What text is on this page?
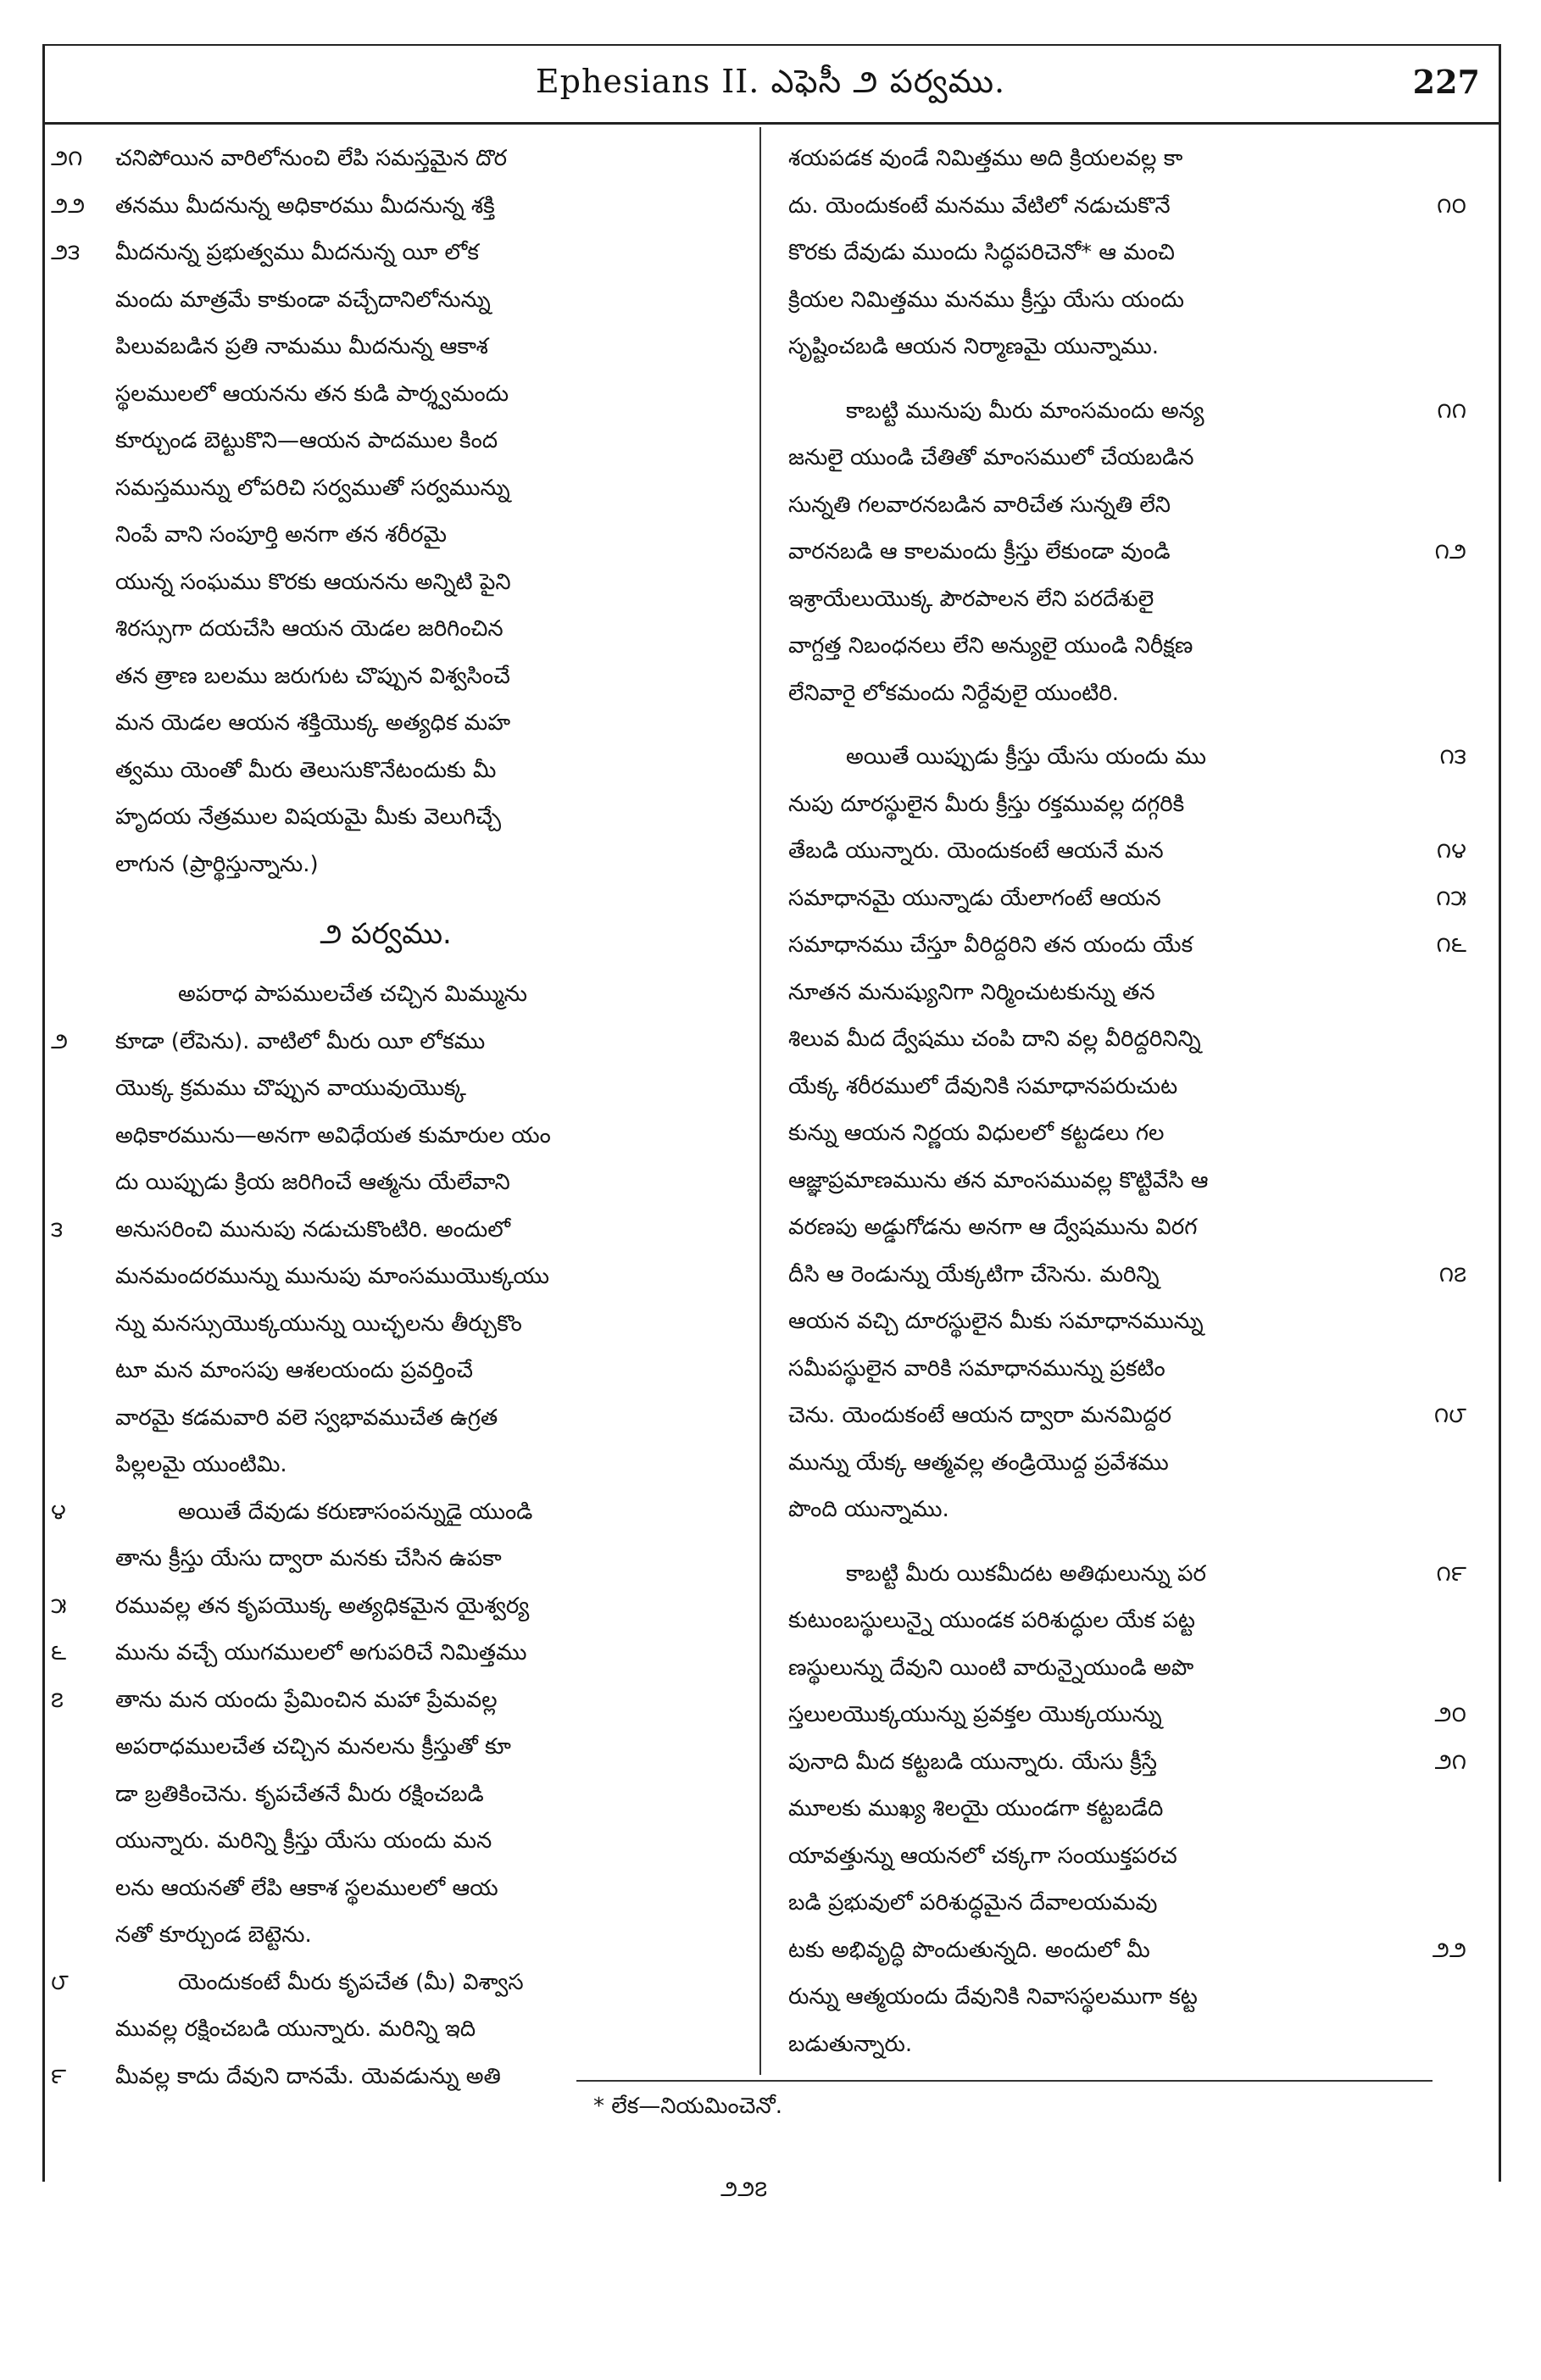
Ephesians II. ఎఫెసీ ౨ పర్వము.	227
౨౧	చనిపోయిన వారిలోనుంచి లేపి సమస్తమైన దొర
౨౨	తనము మీదనున్న అధికారము మీదనున్న శక్తి
౨౩	మీదనున్న ప్రభుత్వము మీదనున్న యీ లోక
మందు మాత్రమే కాకుండా వచ్చేదానిలోనున్ను
పిలువబడిన ప్రతి నామము మీదనున్న ఆకాశ
స్థలములలో ఆయనను తన కుడి పార్శ్వమందు
కూర్చుండ బెట్టుకొని—ఆయన పాదముల కింద
సమస్తమున్ను లోపరిచి సర్వముతో సర్వమున్ను
నింపే వాని సంపూర్తి అనగా తన శరీరమై
యున్న సంఘము కొరకు ఆయనను అన్నిటి పైని
శిరస్సుగా దయచేసి ఆయన యెడల జరిగించిన
తన త్రాణ బలము జరుగుట చొప్పున విశ్వసించే
మన యెడల ఆయన శక్తియొక్క అత్యధిక మహ
త్వము యెంతో మీరు తెలుసుకొనేటందుకు మీ
హృదయ నేత్రముల విషయమై మీకు వెలుగిచ్చే
లాగున (ప్రార్థిస్తున్నాను.)
౨ పర్వము.
అపరాధ పాపములచేత చచ్చిన మిమ్మును
౨	కూడా (లేపెను). వాటిలో మీరు యీ లోకము
యొక్క క్రమము చొప్పున వాయువుయొక్క
అధికారమును—అనగా అవిధేయత కుమారుల యం
దు యిప్పుడు క్రియ జరిగించే ఆత్మను యేలేవాని
౩	అనుసరించి మునుపు నడుచుకొంటిరి. అందులో
మనమందరమున్ను మునుపు మాంసముయొక్కయు
న్ను మనస్సుయొక్కయున్ను యిచ్ఛలను తీర్చుకొం
టూ మన మాంసపు ఆశలయందు ప్రవర్తించే
వారమై కడమవారి వలె స్వభావముచేత ఉగ్రత
పిల్లలమై యుంటిమి.
౪	అయితే దేవుడు కరుణాసంపన్నుడై యుండి
తాను క్రీస్తు యేసు ద్వారా మనకు చేసిన ఉపకా
౫	రమువల్ల తన కృపయొక్క అత్యధికమైన యైశ్వర్య
౬	మును వచ్చే యుగములలో అగుపరిచే నిమిత్తము
౭	తాను మన యందు ప్రేమించిన మహా ప్రేమవల్ల
అపరాధములచేత చచ్చిన మనలను క్రీస్తుతో కూ
డా బ్రతికించెను. కృపచేతనే మీరు రక్షించబడి
యున్నారు. మరిన్ని క్రీస్తు యేసు యందు మన
లను ఆయనతో లేపి ఆకాశ స్థలములలో ఆయ
నతో కూర్చుండ బెట్టెను.
౮	యెందుకంటే మీరు కృపచేత (మీ) విశ్వాస
మువల్ల రక్షించబడి యున్నారు. మరిన్ని ఇది
౯	మీవల్ల కాదు దేవుని దానమే. యెవడున్ను అతి
శయపడక వుండే నిమిత్తము అది క్రియలవల్ల కా
౧౦
దు. యెందుకంటే మనము వేటిలో నడుచుకొనే
కొరకు దేవుడు ముందు సిద్ధపరిచెనో* ఆ మంచి
క్రియల నిమిత్తము మనము క్రీస్తు యేసు యందు
సృష్టించబడి ఆయన నిర్మాణమై యున్నాము.
౧౧
కాబట్టి మునుపు మీరు మాంసమందు అన్య
జనులై యుండి చేతితో మాంసములో చేయబడిన
సున్నతి గలవారనబడిన వారిచేత సున్నతి లేని
౧౨
వారనబడి ఆ కాలమందు క్రీస్తు లేకుండా వుండి
ఇశ్రాయేలుయొక్క పౌరపాలన లేని పరదేశులై
వాగ్దత్త నిబంధనలు లేని అన్యులై యుండి నిరీక్షణ
లేనివారై లోకమందు నిర్దేవులై యుంటిరి.
౧౩
అయితే యిప్పుడు క్రీస్తు యేసు యందు ము
నుపు దూరస్థులైన మీరు క్రీస్తు రక్తమువల్ల దగ్గరికి
౧౪
తేబడి యున్నారు. యెందుకంటే ఆయనే మన
౧౫
సమాధానమై యున్నాడు యేలాగంటే ఆయన
౧౬
సమాధానము చేస్తూ వీరిద్దరిని తన యందు యేక
నూతన మనుష్యునిగా నిర్మించుటకున్ను తన
శిలువ మీద ద్వేషము చంపి దాని వల్ల వీరిద్దరినిన్ని
యేక్క శరీరములో దేవునికి సమాధానపరుచుట
కున్ను ఆయన నిర్ణయ విధులలో కట్టడలు గల
ఆజ్ఞాప్రమాణమును తన మాంసమువల్ల కొట్టివేసి ఆ
వరణపు అడ్డుగోడను అనగా ఆ ద్వేషమును విరగ
౧౭
దీసి ఆ రెండున్ను యేక్కటిగా చేసెను. మరిన్ని
ఆయన వచ్చి దూరస్థులైన మీకు సమాధానమున్ను
సమీపస్థులైన వారికి సమాధానమున్ను ప్రకటిం
౧౮
చెను. యెందుకంటే ఆయన ద్వారా మనమిద్దర
మున్ను యేక్క ఆత్మవల్ల తండ్రియొద్ద ప్రవేశము
పొంది యున్నాము.
౧౯
కాబట్టి మీరు యికమీదట అతిథులున్ను పర
కుటుంబస్థులున్నై యుండక పరిశుద్ధుల యేక పట్ట
ణస్థులున్ను దేవుని యింటి వారున్నైయుండి అపొ
౨౦
స్తలులయొక్కయున్ను ప్రవక్తల యొక్కయున్ను
౨౧
పునాది మీద కట్టబడి యున్నారు. యేసు క్రీస్తే
మూలకు ముఖ్య శిలయై యుండగా కట్టబడేది
యావత్తున్ను ఆయనలో చక్కగా సంయుక్తపరచ
బడి ప్రభువులో పరిశుద్ధమైన దేవాలయమవు
౨౨
టకు అభివృద్ధి పొందుతున్నది. అందులో మీ
రున్ను ఆత్మయందు దేవునికి నివాసస్థలముగా కట్ట
బడుతున్నారు.
* లేక—నియమించెనో.
౨౨౭
